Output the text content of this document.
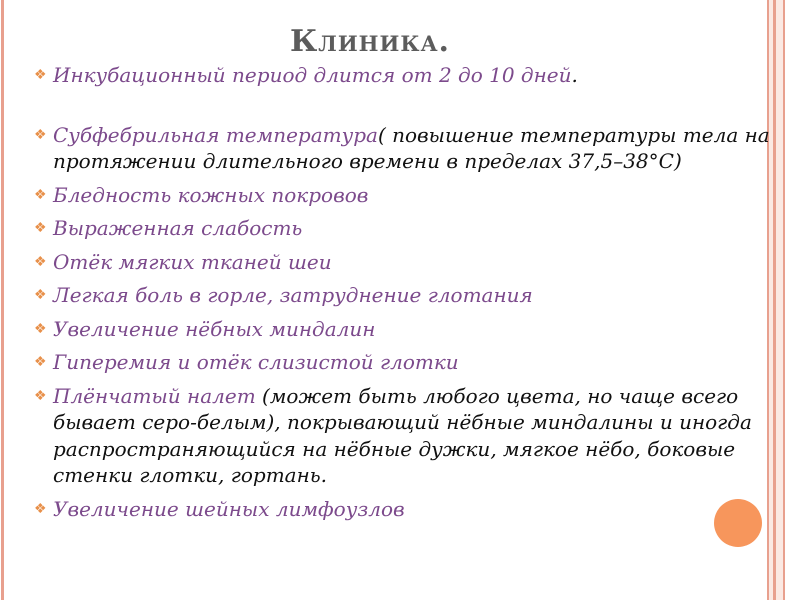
Клиника.
❖ Инкубационный период длится от 2 до 10 дней.
❖ Субфебрильная температура( повышение температуры тела на протяжении длительного времени в пределах 37,5–38°С)
❖ Бледность кожных покровов
❖ Выраженная слабость
❖ Отёк мягких тканей шеи
❖ Легкая боль в горле, затруднение глотания
❖ Увеличение нёбных миндалин
❖ Гиперемия и отёк слизистой глотки
❖ Плёнчатый налет (может быть любого цвета, но чаще всего бывает серо-белым), покрывающий нёбные миндалины и иногда распространяющийся на нёбные дужки, мягкое нёбо, боковые стенки глотки, гортань.
❖ Увеличение шейных лимфоузлов
